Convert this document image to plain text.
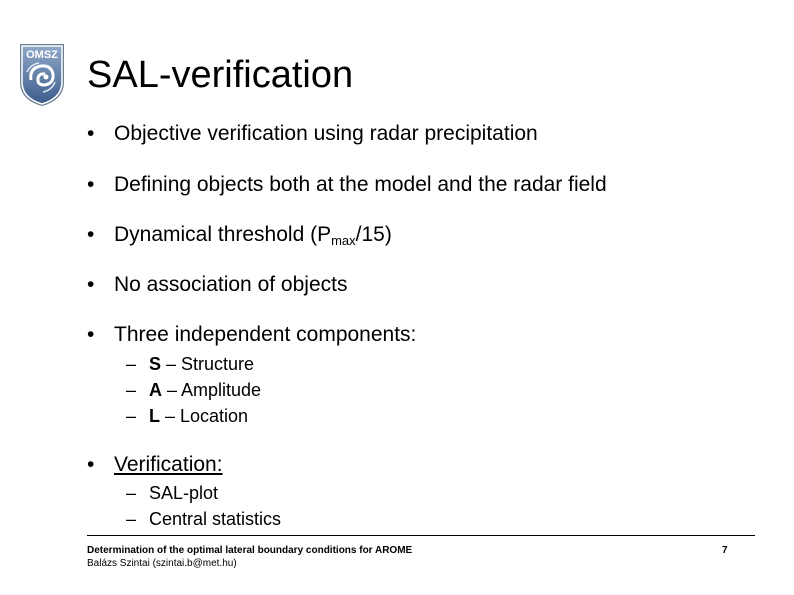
OMSZ SAL-verification
• Objective verification using radar precipitation
• Defining objects both at the model and the radar field
• Dynamical threshold $(P_{max}/15)$
• No association of objects
• Three independent components:
– S – Structure
– A – Amplitude
– L – Location
• Verification:
– SAL-plot
– Central statistics
Determination of the optimal lateral boundary conditions for AROME
Balázs Szintai (szintai.b@met.hu)
7
